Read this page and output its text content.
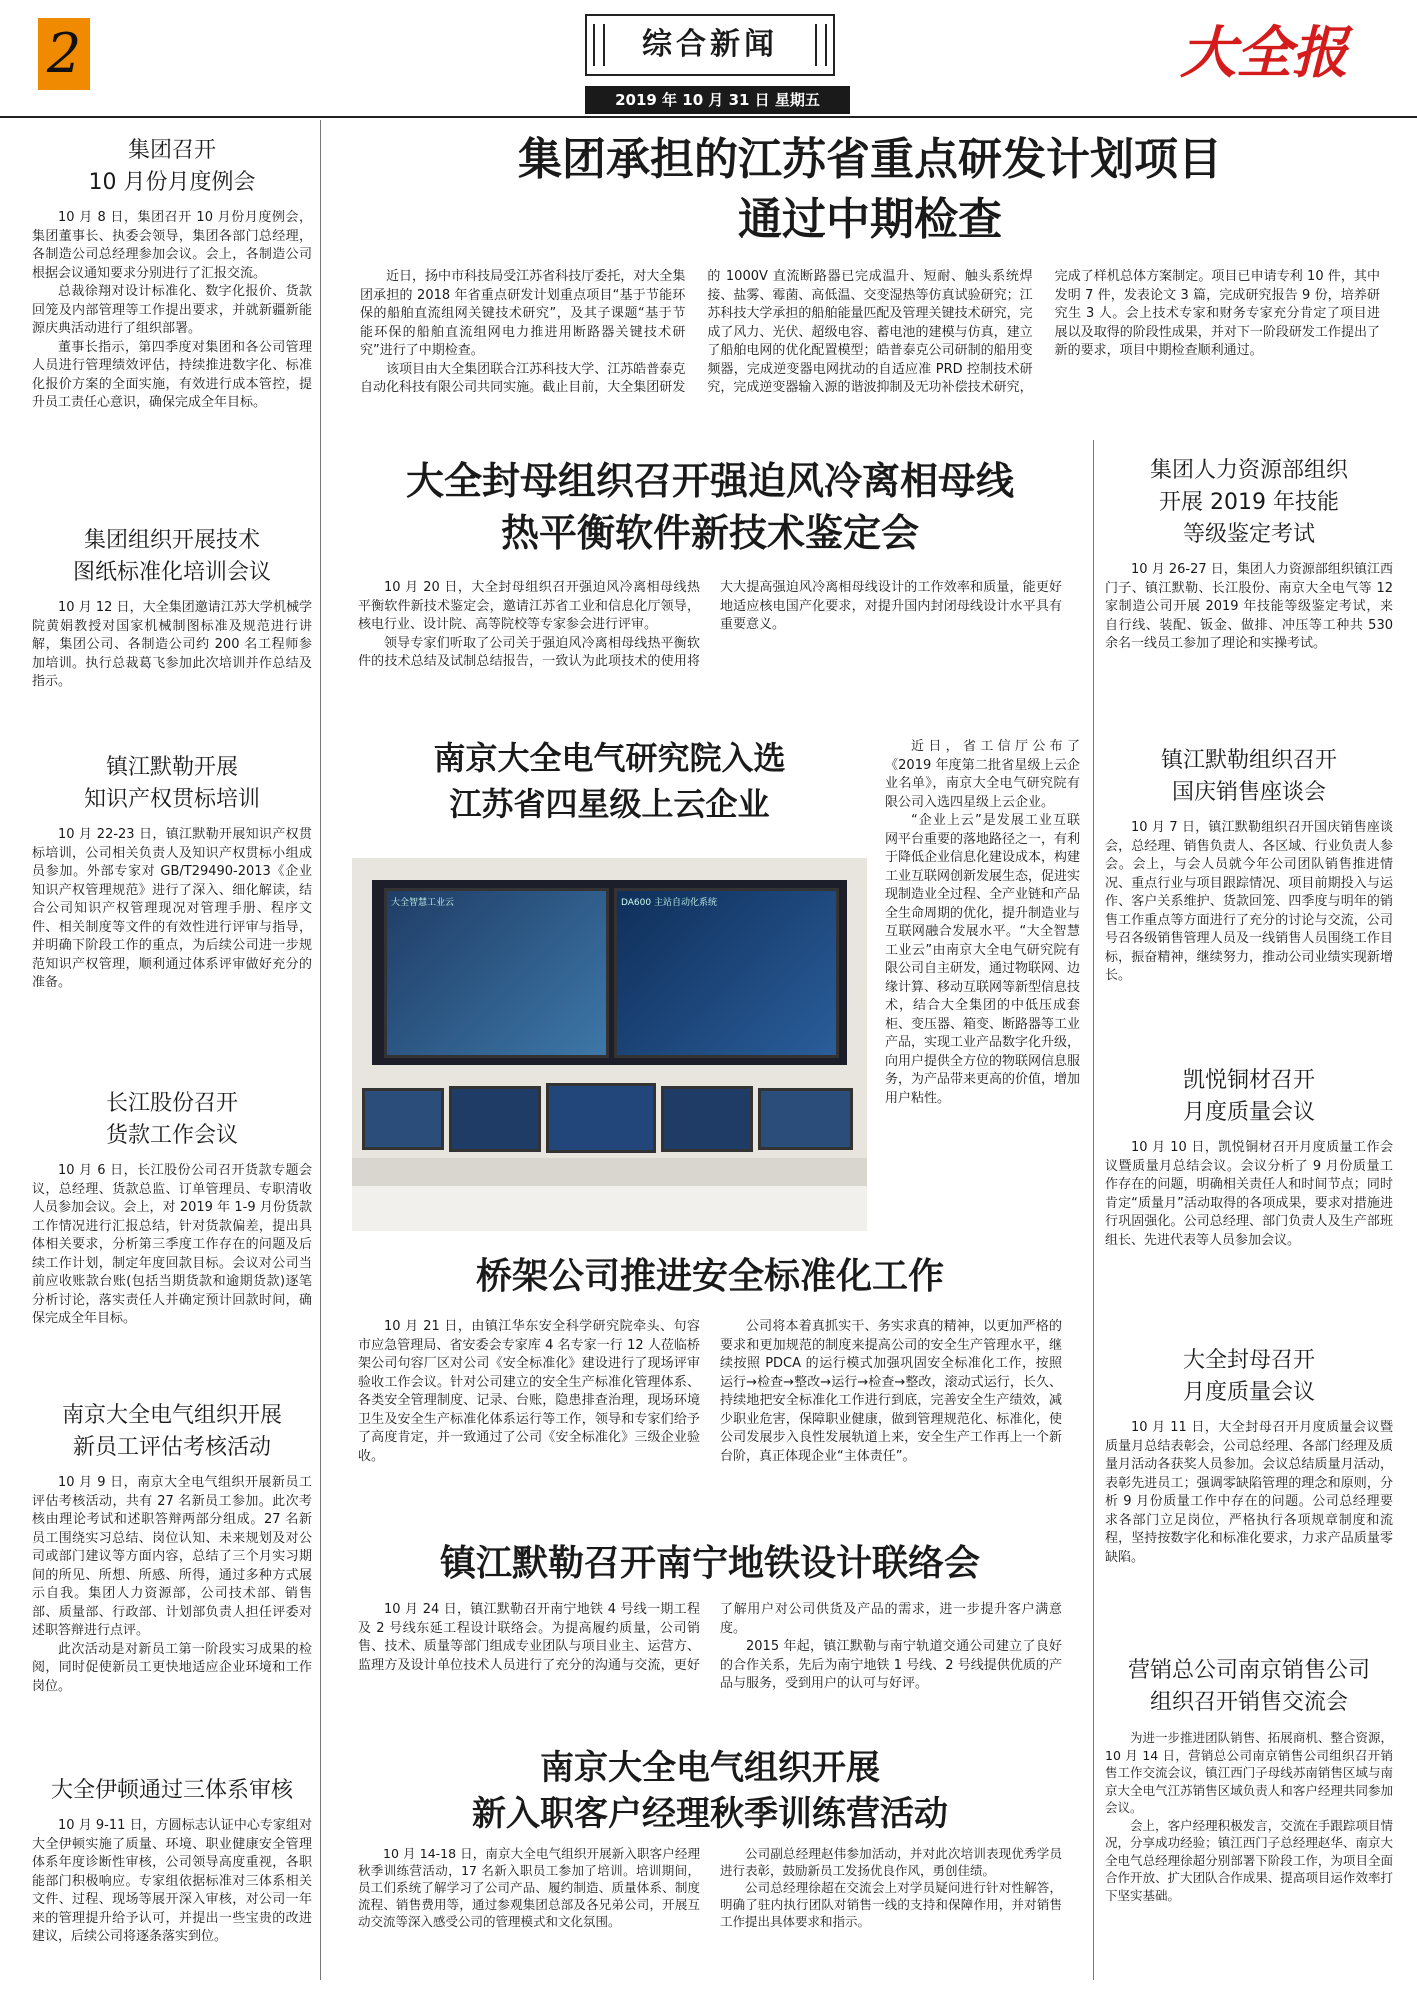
2	综合新闻
2019 年 10 月 31 日 星期五
大全报
集团召开
10 月份月度例会

10 月 8 日，集团召开 10 月份月度例会，集团董事长、执委会领导，集团各部门总经理，各制造公司总经理参加会议。会上，各制造公司根据会议通知要求分别进行了汇报交流。

总裁徐翔对设计标准化、数字化报价、货款回笼及内部管理等工作提出要求，并就新疆新能源庆典活动进行了组织部署。

董事长指示，第四季度对集团和各公司管理人员进行管理绩效评估，持续推进数字化、标准化报价方案的全面实施，有效进行成本管控，提升员工责任心意识，确保完成全年目标。

集团组织开展技术
图纸标准化培训会议

10 月 12 日，大全集团邀请江苏大学机械学院黄娟教授对国家机械制图标准及规范进行讲解，集团公司、各制造公司约 200 名工程师参加培训。执行总裁葛飞参加此次培训并作总结及指示。

镇江默勒开展
知识产权贯标培训

10 月 22-23 日，镇江默勒开展知识产权贯标培训，公司相关负责人及知识产权贯标小组成员参加。外部专家对 GB/T29490-2013《企业知识产权管理规范》进行了深入、细化解读，结合公司知识产权管理现况对管理手册、程序文件、相关制度等文件的有效性进行评审与指导，并明确下阶段工作的重点，为后续公司进一步规范知识产权管理，顺利通过体系评审做好充分的准备。

长江股份召开
货款工作会议

10 月 6 日，长江股份公司召开货款专题会议，总经理、货款总监、订单管理员、专职清收人员参加会议。会上，对 2019 年 1-9 月份货款工作情况进行汇报总结，针对货款偏差，提出具体相关要求，分析第三季度工作存在的问题及后续工作计划，制定年度回款目标。会议对公司当前应收账款台账(包括当期货款和逾期货款)逐笔分析讨论，落实责任人并确定预计回款时间，确保完成全年目标。

南京大全电气组织开展
新员工评估考核活动

10 月 9 日，南京大全电气组织开展新员工评估考核活动，共有 27 名新员工参加。此次考核由理论考试和述职答辩两部分组成。27 名新员工围绕实习总结、岗位认知、未来规划及对公司或部门建议等方面内容，总结了三个月实习期间的所见、所想、所感、所得，通过多种方式展示自我。集团人力资源部，公司技术部、销售部、质量部、行政部、计划部负责人担任评委对述职答辩进行点评。

此次活动是对新员工第一阶段实习成果的检阅，同时促使新员工更快地适应企业环境和工作岗位。

大全伊顿通过三体系审核

10 月 9-11 日，方圆标志认证中心专家组对大全伊顿实施了质量、环境、职业健康安全管理体系年度诊断性审核，公司领导高度重视，各职能部门积极响应。专家组依据标准对三体系相关文件、过程、现场等展开深入审核，对公司一年来的管理提升给予认可，并提出一些宝贵的改进建议，后续公司将逐条落实到位。

集团承担的江苏省重点研发计划项目
通过中期检查

近日，扬中市科技局受江苏省科技厅委托，对大全集团承担的 2018 年省重点研发计划重点项目“基于节能环保的船舶直流组网关键技术研究”，及其子课题“基于节能环保的船舶直流组网电力推进用断路器关键技术研究”进行了中期检查。

该项目由大全集团联合江苏科技大学、江苏皓普泰克自动化科技有限公司共同实施。截止目前，大全集团研发的 1000V 直流断路器已完成温升、短耐、触头系统焊接、盐雾、霉菌、高低温、交变湿热等仿真试验研究；江苏科技大学承担的船舶能量匹配及管理关键技术研究，完成了风力、光伏、超级电容、蓄电池的建模与仿真，建立了船舶电网的优化配置模型；皓普泰克公司研制的船用变频器，完成逆变器电网扰动的自适应准 PRD 控制技术研究，完成逆变器输入源的谐波抑制及无功补偿技术研究，完成了样机总体方案制定。项目已申请专利 10 件，其中发明 7 件，发表论文 3 篇，完成研究报告 9 份，培养研究生 3 人。会上技术专家和财务专家充分肯定了项目进展以及取得的阶段性成果，并对下一阶段研发工作提出了新的要求，项目中期检查顺利通过。

大全封母组织召开强迫风冷离相母线
热平衡软件新技术鉴定会

10 月 20 日，大全封母组织召开强迫风冷离相母线热平衡软件新技术鉴定会，邀请江苏省工业和信息化厅领导，核电行业、设计院、高等院校等专家参会进行评审。

领导专家们听取了公司关于强迫风冷离相母线热平衡软件的技术总结及试制总结报告，一致认为此项技术的使用将大大提高强迫风冷离相母线设计的工作效率和质量，能更好地适应核电国产化要求，对提升国内封闭母线设计水平具有重要意义。

南京大全电气研究院入选
江苏省四星级上云企业
大全智慧工业云	DA600 主站自动化系统

近日，省工信厅公布了《2019 年度第二批省星级上云企业名单》，南京大全电气研究院有限公司入选四星级上云企业。

“企业上云”是发展工业互联网平台重要的落地路径之一，有利于降低企业信息化建设成本，构建工业互联网创新发展生态，促进实现制造业全过程、全产业链和产品全生命周期的优化，提升制造业与互联网融合发展水平。“大全智慧工业云”由南京大全电气研究院有限公司自主研发，通过物联网、边缘计算、移动互联网等新型信息技术，结合大全集团的中低压成套柜、变压器、箱变、断路器等工业产品，实现工业产品数字化升级，向用户提供全方位的物联网信息服务，为产品带来更高的价值，增加用户粘性。

桥架公司推进安全标准化工作

10 月 21 日，由镇江华东安全科学研究院牵头、句容市应急管理局、省安委会专家库 4 名专家一行 12 人莅临桥架公司句容厂区对公司《安全标准化》建设进行了现场评审验收工作会议。针对公司建立的安全生产标准化管理体系、各类安全管理制度、记录、台账，隐患排查治理，现场环境卫生及安全生产标准化体系运行等工作，领导和专家们给予了高度肯定，并一致通过了公司《安全标准化》三级企业验收。

公司将本着真抓实干、务实求真的精神，以更加严格的要求和更加规范的制度来提高公司的安全生产管理水平，继续按照 PDCA 的运行模式加强巩固安全标准化工作，按照运行→检查→整改→运行→检查→整改，滚动式运行，长久、持续地把安全标准化工作进行到底，完善安全生产绩效，减少职业危害，保障职业健康，做到管理规范化、标准化，使公司发展步入良性发展轨道上来，安全生产工作再上一个新台阶，真正体现企业“主体责任”。

镇江默勒召开南宁地铁设计联络会

10 月 24 日，镇江默勒召开南宁地铁 4 号线一期工程及 2 号线东延工程设计联络会。为提高履约质量，公司销售、技术、质量等部门组成专业团队与项目业主、运营方、监理方及设计单位技术人员进行了充分的沟通与交流，更好了解用户对公司供货及产品的需求，进一步提升客户满意度。

2015 年起，镇江默勒与南宁轨道交通公司建立了良好的合作关系，先后为南宁地铁 1 号线、2 号线提供优质的产品与服务，受到用户的认可与好评。

南京大全电气组织开展
新入职客户经理秋季训练营活动

10 月 14-18 日，南京大全电气组织开展新入职客户经理秋季训练营活动，17 名新入职员工参加了培训。培训期间，员工们系统了解学习了公司产品、履约制造、质量体系、制度流程、销售费用等，通过参观集团总部及各兄弟公司，开展互动交流等深入感受公司的管理模式和文化氛围。

公司副总经理赵伟参加活动，并对此次培训表现优秀学员进行表彰，鼓励新员工发扬优良作风，勇创佳绩。

公司总经理徐超在交流会上对学员疑问进行针对性解答，明确了驻内执行团队对销售一线的支持和保障作用，并对销售工作提出具体要求和指示。

集团人力资源部组织
开展 2019 年技能
等级鉴定考试

10 月 26-27 日，集团人力资源部组织镇江西门子、镇江默勒、长江股份、南京大全电气等 12 家制造公司开展 2019 年技能等级鉴定考试，来自行线、装配、钣金、做排、冲压等工种共 530 余名一线员工参加了理论和实操考试。

镇江默勒组织召开
国庆销售座谈会

10 月 7 日，镇江默勒组织召开国庆销售座谈会，总经理、销售负责人、各区域、行业负责人参会。会上，与会人员就今年公司团队销售推进情况、重点行业与项目跟踪情况、项目前期投入与运作、客户关系维护、货款回笼、四季度与明年的销售工作重点等方面进行了充分的讨论与交流，公司号召各级销售管理人员及一线销售人员围绕工作目标，振奋精神，继续努力，推动公司业绩实现新增长。

凯悦铜材召开
月度质量会议

10 月 10 日，凯悦铜材召开月度质量工作会议暨质量月总结会议。会议分析了 9 月份质量工作存在的问题，明确相关责任人和时间节点；同时肯定“质量月”活动取得的各项成果，要求对措施进行巩固强化。公司总经理、部门负责人及生产部班组长、先进代表等人员参加会议。

大全封母召开
月度质量会议

10 月 11 日，大全封母召开月度质量会议暨质量月总结表彰会，公司总经理、各部门经理及质量月活动各获奖人员参加。会议总结质量月活动，表彰先进员工；强调零缺陷管理的理念和原则，分析 9 月份质量工作中存在的问题。公司总经理要求各部门立足岗位，严格执行各项规章制度和流程，坚持按数字化和标准化要求，力求产品质量零缺陷。

营销总公司南京销售公司
组织召开销售交流会

为进一步推进团队销售、拓展商机、整合资源，10 月 14 日，营销总公司南京销售公司组织召开销售工作交流会议，镇江西门子母线苏南销售区域与南京大全电气江苏销售区域负责人和客户经理共同参加会议。

会上，客户经理积极发言，交流在手跟踪项目情况，分享成功经验；镇江西门子总经理赵华、南京大全电气总经理徐超分别部署下阶段工作，为项目全面合作开放、扩大团队合作成果、提高项目运作效率打下坚实基础。
